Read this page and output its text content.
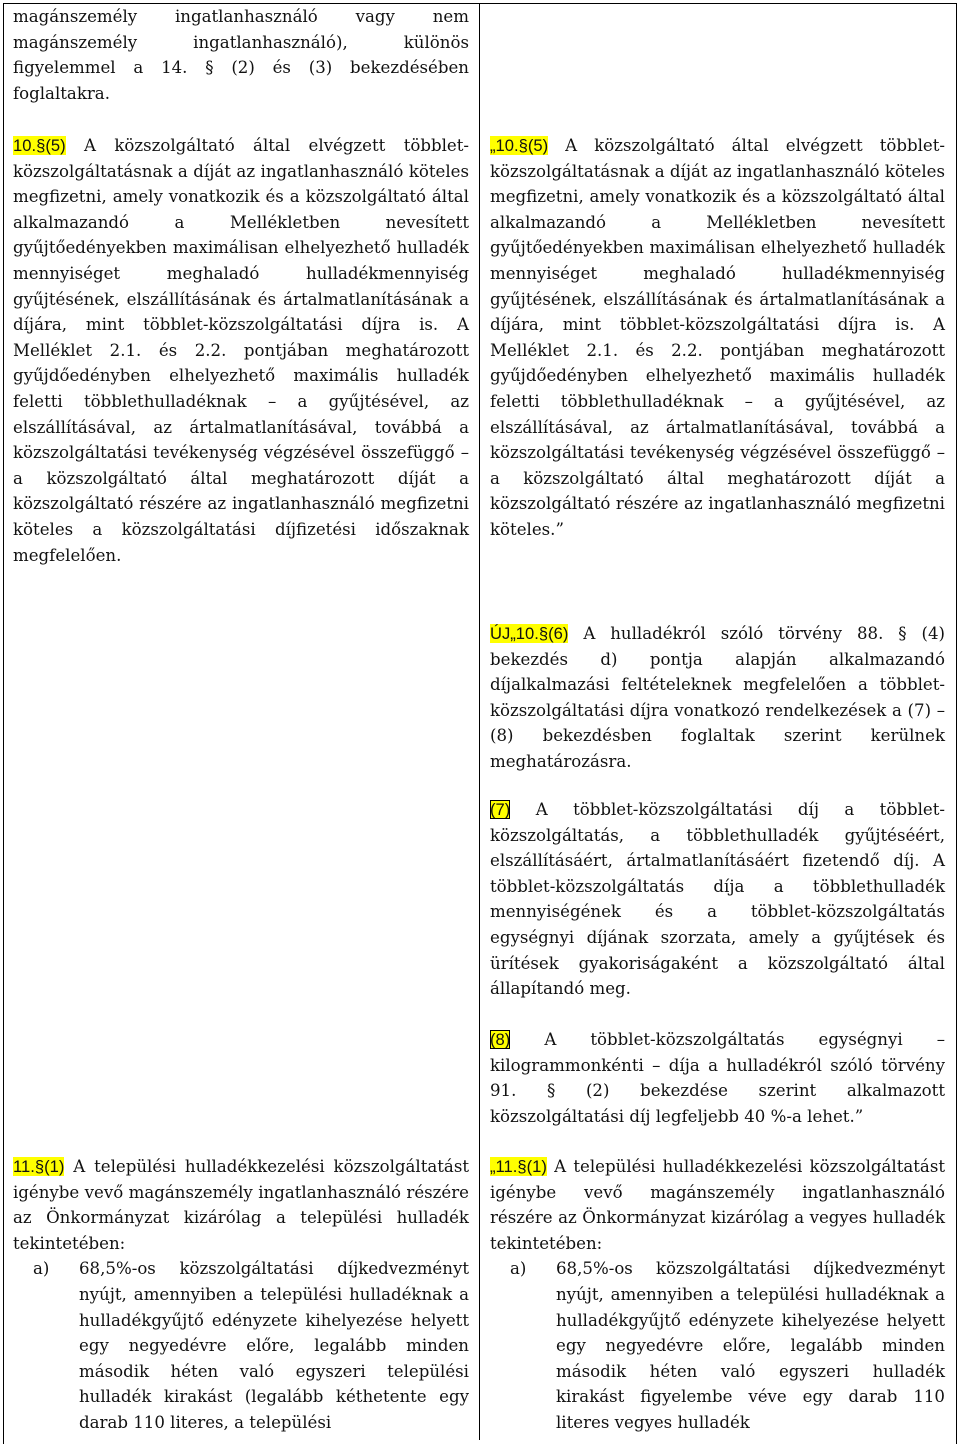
magánszemély ingatlanhasználó vagy nem magánszemély ingatlanhasználó), különös figyelemmel a 14. § (2) és (3) bekezdésében foglaltakra.
10.§(5) A közszolgáltató által elvégzett többlet-közszolgáltatásnak a díját az ingatlanhasználó köteles megfizetni, amely vonatkozik és a közszolgáltató által alkalmazandó a Mellékletben nevesített gyűjtőedényekben maximálisan elhelyezhető hulladék mennyiséget meghaladó hulladékmennyiség gyűjtésének, elszállításának és ártalmatlanításának a díjára, mint többlet-közszolgáltatási díjra is. A Melléklet 2.1. és 2.2. pontjában meghatározott gyűjdőedényben elhelyezhető maximális hulladék feletti többlethulladéknak – a gyűjtésével, az elszállításával, az ártalmatlanításával, továbbá a közszolgáltatási tevékenység végzésével összefüggő – a közszolgáltató által meghatározott díját a közszolgáltató részére az ingatlanhasználó megfizetni köteles a közszolgáltatási díjfizetési időszaknak megfelelően.
11.§(1) A települési hulladékkezelési közszolgáltatást igénybe vevő magánszemély ingatlanhasználó részére az Önkormányzat kizárólag a települési hulladék tekintetében:
a)	68,5%-os közszolgáltatási díjkedvezményt nyújt, amennyiben a települési hulladéknak a hulladékgyűjtő edényzete kihelyezése helyett egy negyedévre előre, legalább minden második héten való egyszeri települési hulladék kirakást (legalább kéthetente egy darab 110 literes, a települési
„10.§(5) A közszolgáltató által elvégzett többlet-közszolgáltatásnak a díját az ingatlanhasználó köteles megfizetni, amely vonatkozik és a közszolgáltató által alkalmazandó a Mellékletben nevesített gyűjtőedényekben maximálisan elhelyezhető hulladék mennyiséget meghaladó hulladékmennyiség gyűjtésének, elszállításának és ártalmatlanításának a díjára, mint többlet-közszolgáltatási díjra is. A Melléklet 2.1. és 2.2. pontjában meghatározott gyűjdőedényben elhelyezhető maximális hulladék feletti többlethulladéknak – a gyűjtésével, az elszállításával, az ártalmatlanításával, továbbá a közszolgáltatási tevékenység végzésével összefüggő – a közszolgáltató által meghatározott díját a közszolgáltató részére az ingatlanhasználó megfizetni köteles.”
ÚJ„10.§(6) A hulladékról szóló törvény 88. § (4) bekezdés d) pontja alapján alkalmazandó díjalkalmazási feltételeknek megfelelően a többlet-közszolgáltatási díjra vonatkozó rendelkezések a (7) – (8) bekezdésben foglaltak szerint kerülnek meghatározásra.
(7) A többlet-közszolgáltatási díj a többlet-közszolgáltatás, a többlethulladék gyűjtéséért, elszállításáért, ártalmatlanításáért fizetendő díj. A többlet-közszolgáltatás díja a többlethulladék mennyiségének és a többlet-közszolgáltatás egységnyi díjának szorzata, amely a gyűjtések és ürítések gyakoriságaként a közszolgáltató által állapítandó meg.
(8) A többlet-közszolgáltatás egységnyi – kilogrammonkénti – díja a hulladékról szóló törvény 91. § (2) bekezdése szerint alkalmazott közszolgáltatási díj legfeljebb 40 %-a lehet.”
„11.§(1) A települési hulladékkezelési közszolgáltatást igénybe vevő magánszemély ingatlanhasználó részére az Önkormányzat kizárólag a vegyes hulladék tekintetében:
a)	68,5%-os közszolgáltatási díjkedvezményt nyújt, amennyiben a települési hulladéknak a hulladékgyűjtő edényzete kihelyezése helyett egy negyedévre előre, legalább minden második héten való egyszeri hulladék kirakást figyelembe véve egy darab 110 literes vegyes hulladék
